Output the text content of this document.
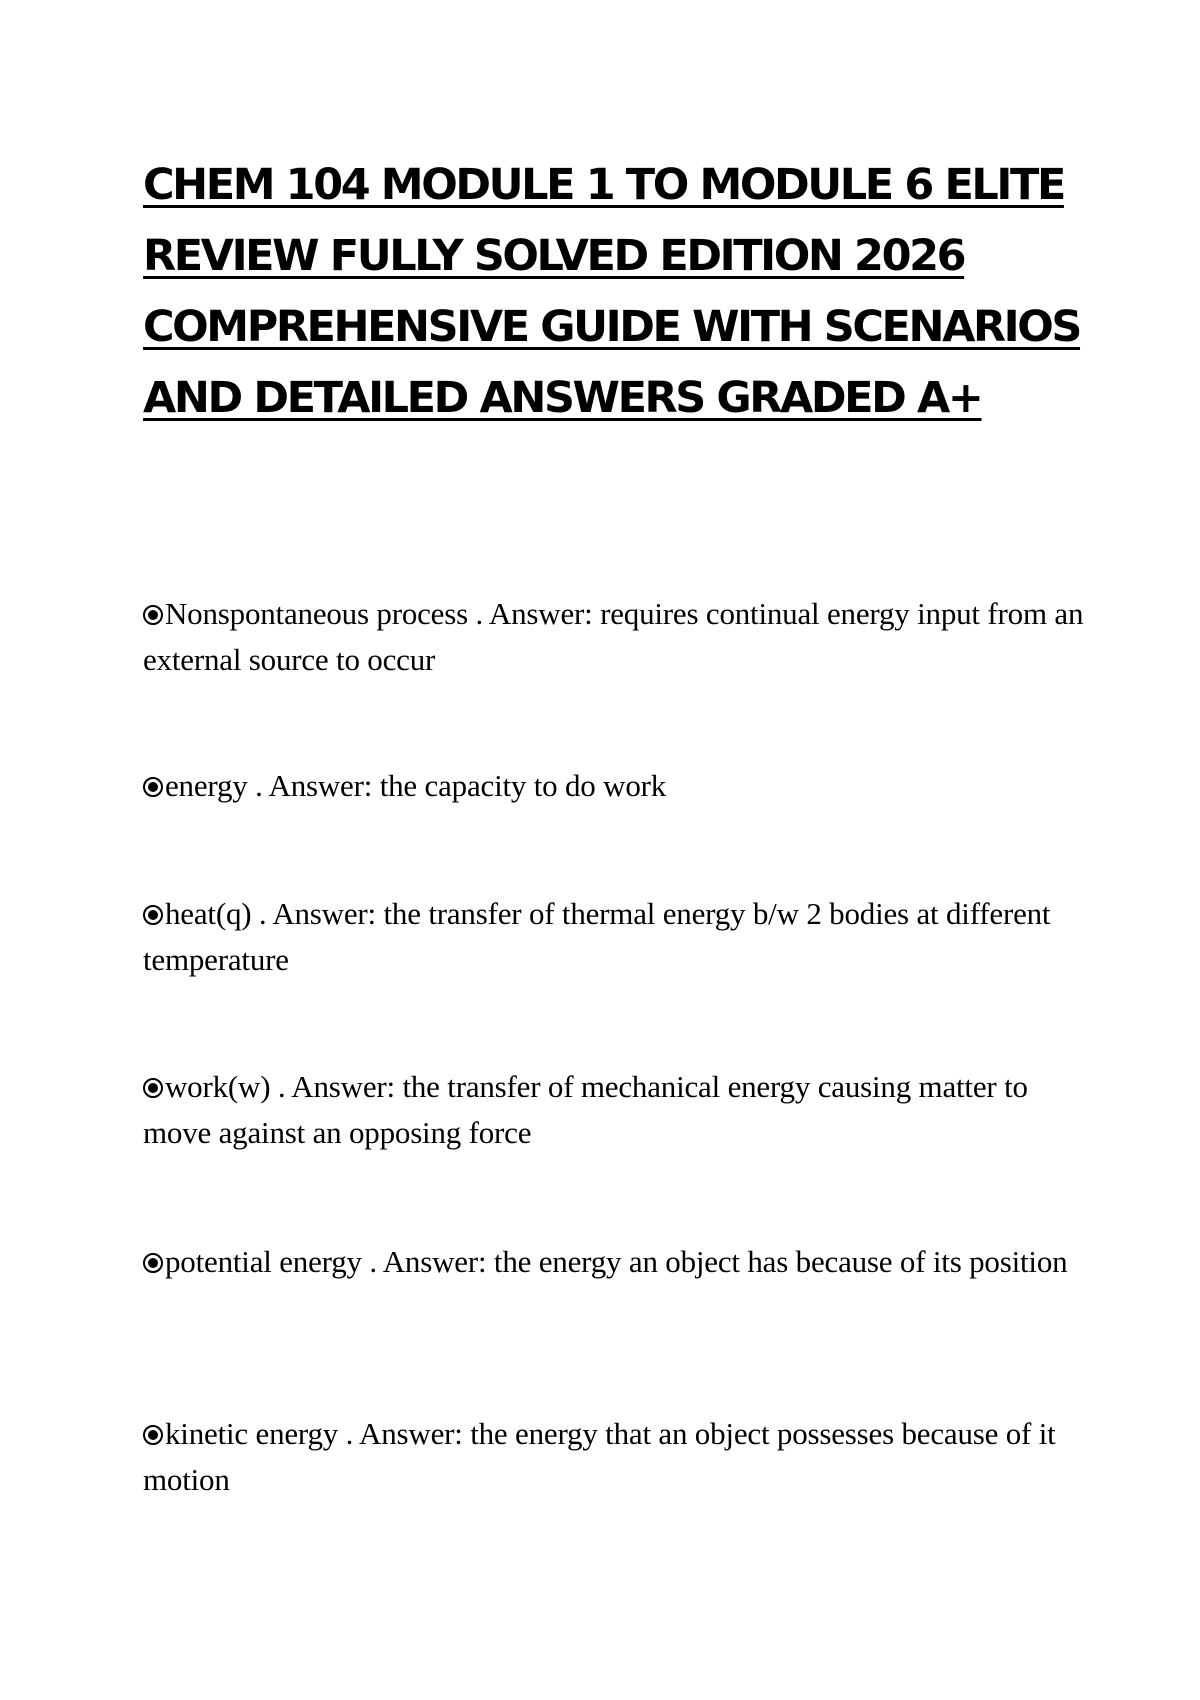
CHEM 104 MODULE 1 TO MODULE 6 ELITE
REVIEW FULLY SOLVED EDITION 2026
COMPREHENSIVE GUIDE WITH SCENARIOS
AND DETAILED ANSWERS GRADED A+

Nonspontaneous process . Answer: requires continual energy input from an external source to occur

energy . Answer: the capacity to do work

heat(q) . Answer: the transfer of thermal energy b/w 2 bodies at different temperature

work(w) . Answer: the transfer of mechanical energy causing matter to move against an opposing force

potential energy . Answer: the energy an object has because of its position

kinetic energy . Answer: the energy that an object possesses because of it motion
